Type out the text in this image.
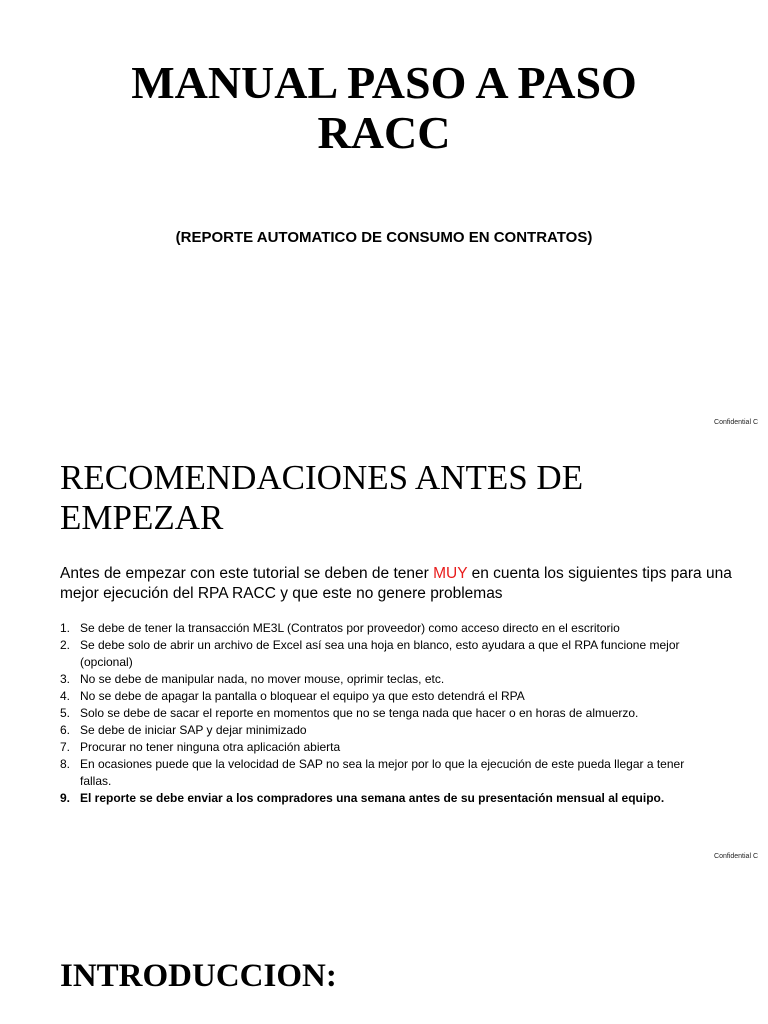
MANUAL PASO A PASO
RACC
(REPORTE AUTOMATICO DE CONSUMO EN CONTRATOS)
Confidential C
RECOMENDACIONES ANTES DE
EMPEZAR
Antes de empezar con este tutorial se deben de tener MUY en cuenta los siguientes tips para una mejor ejecución del RPA RACC y que este no genere problemas
1. Se debe de tener la transacción ME3L (Contratos por proveedor) como acceso directo en el escritorio
2. Se debe solo de abrir un archivo de Excel así sea una hoja en blanco, esto ayudara a que el RPA funcione mejor (opcional)
3. No se debe de manipular nada, no mover mouse, oprimir teclas, etc.
4. No se debe de apagar la pantalla o bloquear el equipo ya que esto detendrá el RPA
5. Solo se debe de sacar el reporte en momentos que no se tenga nada que hacer o en horas de almuerzo.
6. Se debe de iniciar SAP y dejar minimizado
7. Procurar no tener ninguna otra aplicación abierta
8. En ocasiones puede que la velocidad de SAP no sea la mejor por lo que la ejecución de este pueda llegar a tener fallas.
9. El reporte se debe enviar a los compradores una semana antes de su presentación mensual al equipo.
Confidential C
INTRODUCCION:
